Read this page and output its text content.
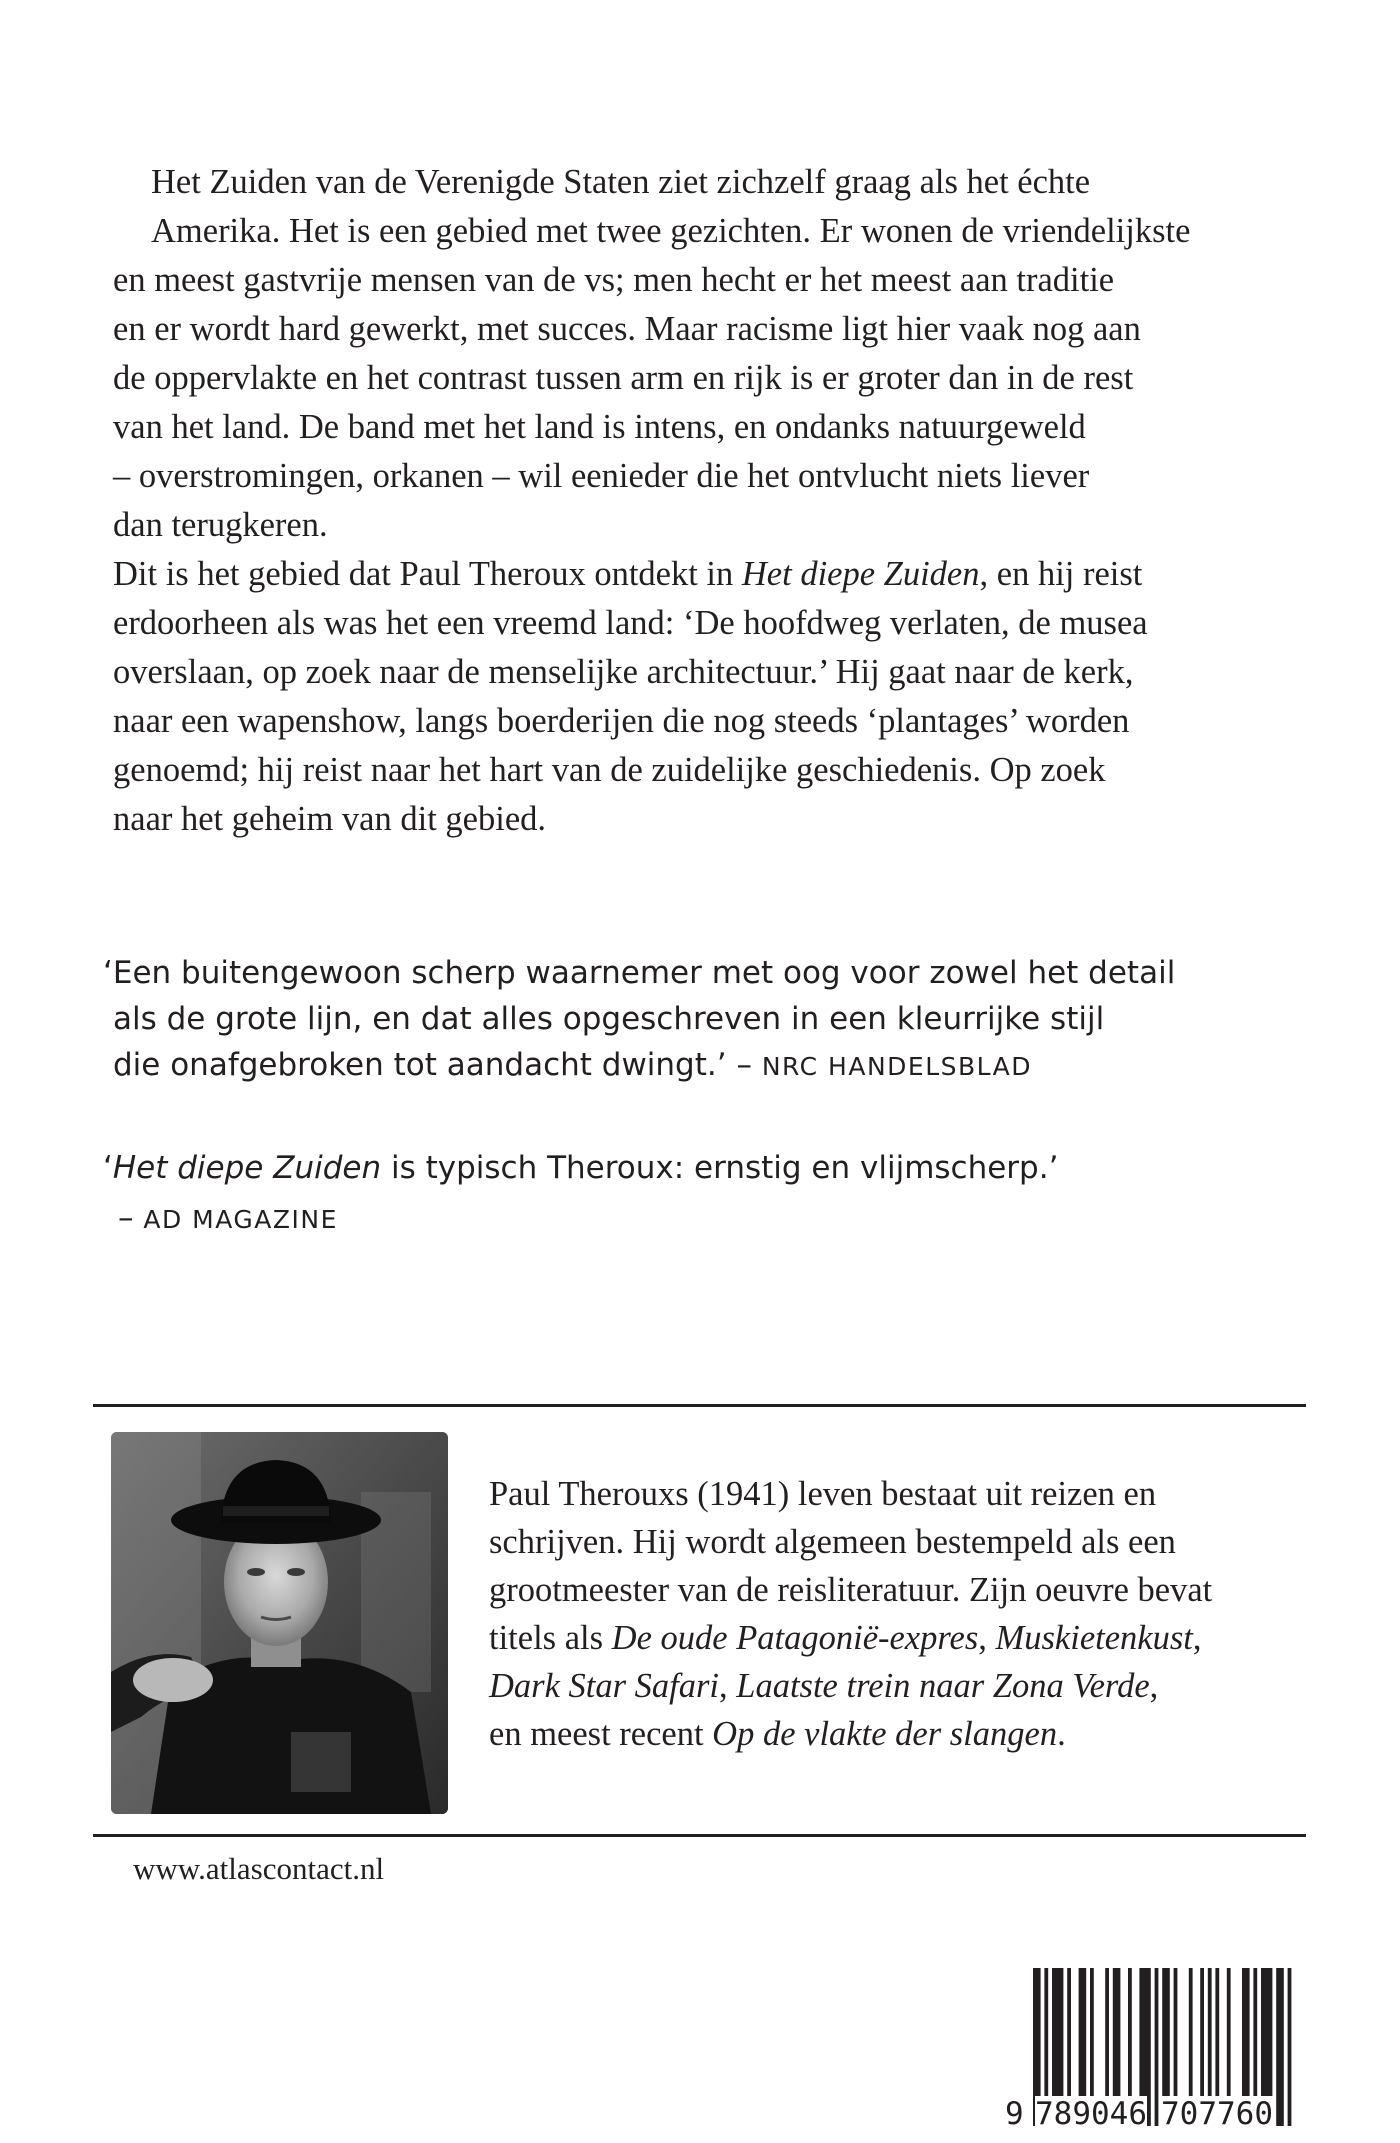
Het Zuiden van de Verenigde Staten ziet zichzelf graag als het échte
Amerika. Het is een gebied met twee gezichten. Er wonen de vriendelijkste
en meest gastvrije mensen van de vs; men hecht er het meest aan traditie
en er wordt hard gewerkt, met succes. Maar racisme ligt hier vaak nog aan
de oppervlakte en het contrast tussen arm en rijk is er groter dan in de rest
van het land. De band met het land is intens, en ondanks natuurgeweld
– overstromingen, orkanen – wil eenieder die het ontvlucht niets liever
dan terugkeren.
Dit is het gebied dat Paul Theroux ontdekt in Het diepe Zuiden, en hij reist
erdoorheen als was het een vreemd land: ‘De hoofdweg verlaten, de musea
overslaan, op zoek naar de menselijke architectuur.’ Hij gaat naar de kerk,
naar een wapenshow, langs boerderijen die nog steeds ‘plantages’ worden
genoemd; hij reist naar het hart van de zuidelijke geschiedenis. Op zoek
naar het geheim van dit gebied.
‘Een buitengewoon scherp waarnemer met oog voor zowel het detail
als de grote lijn, en dat alles opgeschreven in een kleurrijke stijl
die onafgebroken tot aandacht dwingt.’ – NRC HANDELSBLAD
‘Het diepe Zuiden is typisch Theroux: ernstig en vlijmscherp.’
– AD MAGAZINE
Paul Therouxs (1941) leven bestaat uit reizen en
schrijven. Hij wordt algemeen bestempeld als een
grootmeester van de reisliteratuur. Zijn oeuvre bevat
titels als De oude Patagonië-expres, Muskietenkust,
Dark Star Safari, Laatste trein naar Zona Verde,
en meest recent Op de vlakte der slangen.
www.atlascontact.nl
9 789046 707760
